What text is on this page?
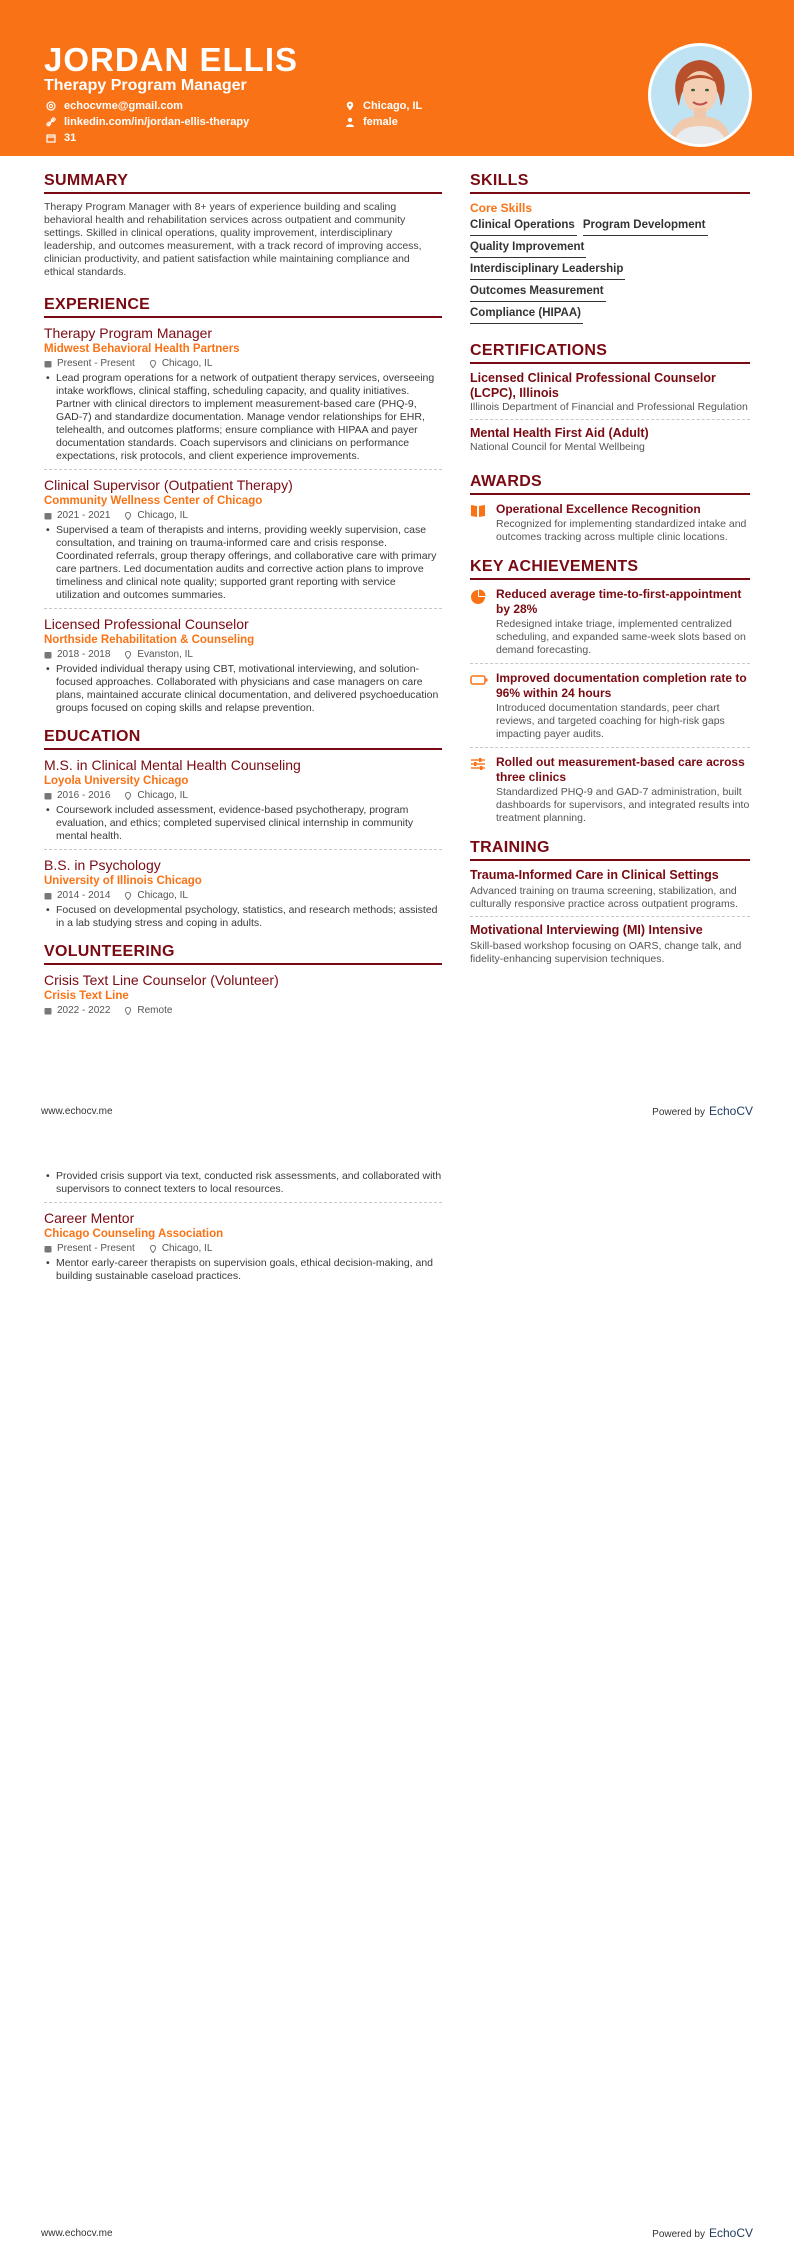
JORDAN ELLIS
Therapy Program Manager
echocvme@gmail.com
linkedin.com/in/jordan-ellis-therapy
31
Chicago, IL
female
SUMMARY

Therapy Program Manager with 8+ years of experience building and scaling behavioral health and rehabilitation services across outpatient and community settings. Skilled in clinical operations, quality improvement, interdisciplinary leadership, and outcomes measurement, with a track record of improving access, clinician productivity, and patient satisfaction while maintaining compliance and ethical standards.

EXPERIENCE
Therapy Program Manager
Midwest Behavioral Health Partners
Present - Present	Chicago, IL
• Lead program operations for a network of outpatient therapy services, overseeing intake workflows, clinical staffing, scheduling capacity, and quality initiatives. Partner with clinical directors to implement measurement-based care (PHQ-9, GAD-7) and standardize documentation. Manage vendor relationships for EHR, telehealth, and outcomes platforms; ensure compliance with HIPAA and payer documentation standards. Coach supervisors and clinicians on performance expectations, risk protocols, and client experience improvements.
Clinical Supervisor (Outpatient Therapy)
Community Wellness Center of Chicago
2021 - 2021	Chicago, IL
• Supervised a team of therapists and interns, providing weekly supervision, case consultation, and training on trauma-informed care and crisis response. Coordinated referrals, group therapy offerings, and collaborative care with primary care partners. Led documentation audits and corrective action plans to improve timeliness and clinical note quality; supported grant reporting with service utilization and outcomes summaries.
Licensed Professional Counselor
Northside Rehabilitation & Counseling
2018 - 2018	Evanston, IL
• Provided individual therapy using CBT, motivational interviewing, and solution-focused approaches. Collaborated with physicians and case managers on care plans, maintained accurate clinical documentation, and delivered psychoeducation groups focused on coping skills and relapse prevention.
EDUCATION
M.S. in Clinical Mental Health Counseling
Loyola University Chicago
2016 - 2016	Chicago, IL
• Coursework included assessment, evidence-based psychotherapy, program evaluation, and ethics; completed supervised clinical internship in community mental health.
B.S. in Psychology
University of Illinois Chicago
2014 - 2014	Chicago, IL
• Focused on developmental psychology, statistics, and research methods; assisted in a lab studying stress and coping in adults.
VOLUNTEERING
Crisis Text Line Counselor (Volunteer)
Crisis Text Line
2022 - 2022	Remote
SKILLS
Core Skills
Clinical Operations Program Development
Quality Improvement
Interdisciplinary Leadership
Outcomes Measurement
Compliance (HIPAA)
CERTIFICATIONS
Licensed Clinical Professional Counselor (LCPC), Illinois
Illinois Department of Financial and Professional Regulation
Mental Health First Aid (Adult)
National Council for Mental Wellbeing
AWARDS
Operational Excellence Recognition
Recognized for implementing standardized intake and outcomes tracking across multiple clinic locations.
KEY ACHIEVEMENTS
Reduced average time-to-first-appointment by 28%
Redesigned intake triage, implemented centralized scheduling, and expanded same-week slots based on demand forecasting.
Improved documentation completion rate to 96% within 24 hours
Introduced documentation standards, peer chart reviews, and targeted coaching for high-risk gaps impacting payer audits.
Rolled out measurement-based care across three clinics
Standardized PHQ-9 and GAD-7 administration, built dashboards for supervisors, and integrated results into treatment planning.
TRAINING
Trauma-Informed Care in Clinical Settings
Advanced training on trauma screening, stabilization, and culturally responsive practice across outpatient programs.
Motivational Interviewing (MI) Intensive
Skill-based workshop focusing on OARS, change talk, and fidelity-enhancing supervision techniques.
www.echocv.me	Powered by EchoCV
• Provided crisis support via text, conducted risk assessments, and collaborated with supervisors to connect texters to local resources.
Career Mentor
Chicago Counseling Association
Present - Present	Chicago, IL
• Mentor early-career therapists on supervision goals, ethical decision-making, and building sustainable caseload practices.
www.echocv.me	Powered by EchoCV
